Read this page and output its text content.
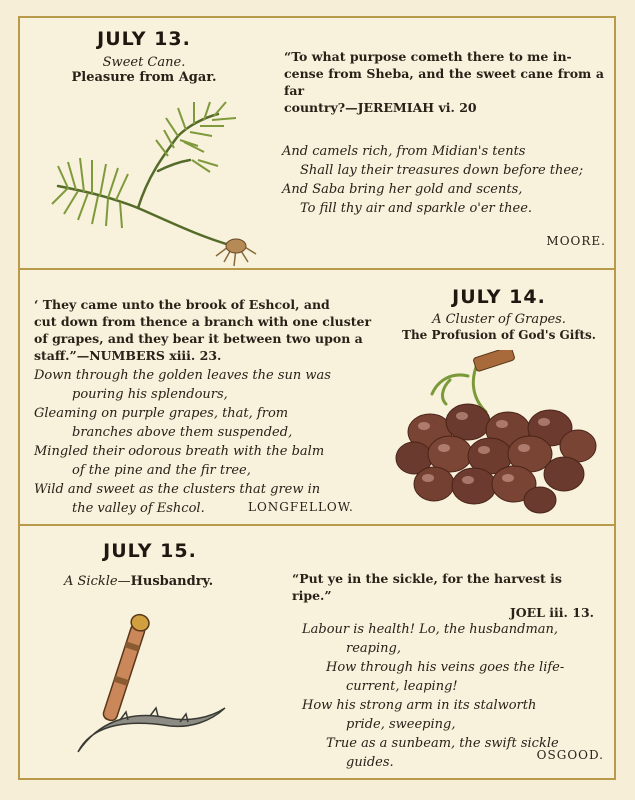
JULY 13.
Sweet Cane.
Pleasure from Agar.
“To what purpose cometh there to me in-
cense from Sheba, and the sweet cane from a far
country?—JEREMIAH vi. 20
And camels rich, from Midian's tents
Shall lay their treasures down before thee;
And Saba bring her gold and scents,
To fill thy air and sparkle o'er thee.
MOORE.
‘ They came unto the brook of Eshcol, and
cut down from thence a branch with one cluster
of grapes, and they bear it between two upon a
staff.”—NUMBERS xiii. 23.
Down through the golden leaves the sun was
pouring his splendours,
Gleaming on purple grapes, that, from
branches above them suspended,
Mingled their odorous breath with the balm
of the pine and the fir tree,
Wild and sweet as the clusters that grew in
the valley of Eshcol.	LONGFELLOW.
JULY 14.
A Cluster of Grapes.
The Profusion of God's Gifts.
JULY 15.
A Sickle—Husbandry.	“Put ye in the sickle, for the harvest is ripe.”
JOEL iii. 13.
Labour is health! Lo, the husbandman,
reaping,
How through his veins goes the life-
current, leaping!
How his strong arm in its stalworth
pride, sweeping,
True as a sunbeam, the swift sickle
guides.	OSGOOD.
